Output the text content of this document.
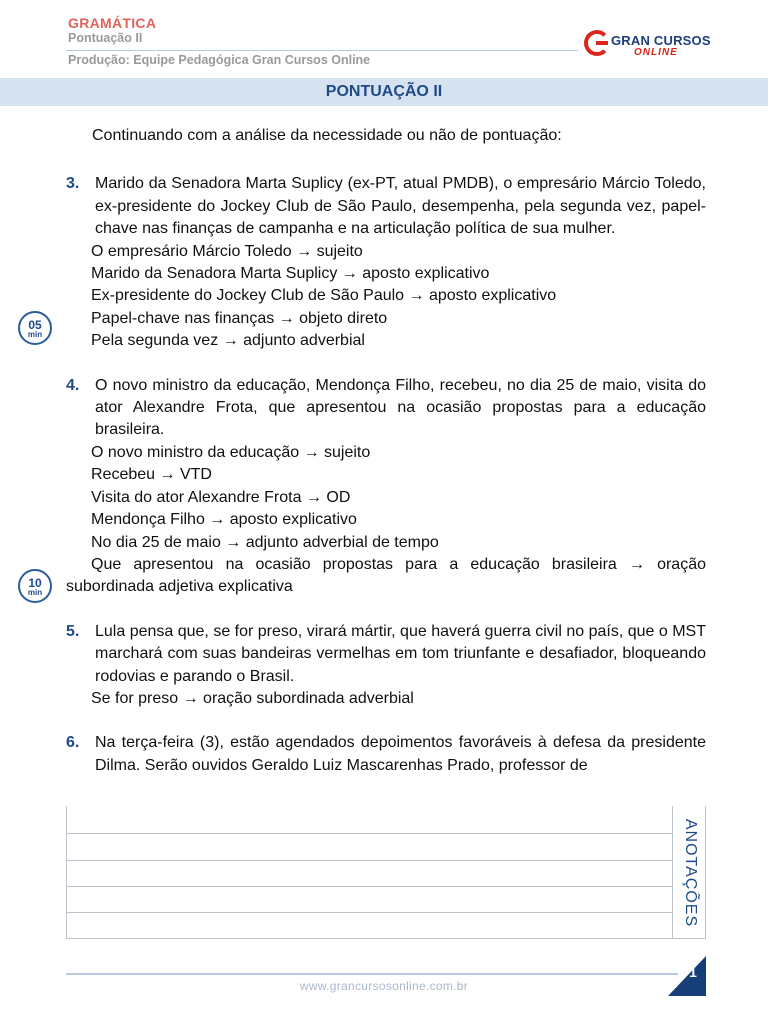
GRAMÁTICA
Pontuação II
Produção: Equipe Pedagógica Gran Cursos Online
GRAN CURSOS
ONLINE
PONTUAÇÃO II
05
min
10
min

Continuando com a análise da necessidade ou não de pontuação:

3. Marido da Senadora Marta Suplicy (ex-PT, atual PMDB), o empresário Márcio Toledo, ex-presidente do Jockey Club de São Paulo, desempenha, pela segunda vez, papel-chave nas finanças de campanha e na articulação política de sua mulher.

O empresário Márcio Toledo → sujeito

Marido da Senadora Marta Suplicy → aposto explicativo

Ex-presidente do Jockey Club de São Paulo → aposto explicativo

Papel-chave nas finanças → objeto direto

Pela segunda vez → adjunto adverbial

4. O novo ministro da educação, Mendonça Filho, recebeu, no dia 25 de maio, visita do ator Alexandre Frota, que apresentou na ocasião propostas para a educação brasileira.

O novo ministro da educação → sujeito

Recebeu → VTD

Visita do ator Alexandre Frota → OD

Mendonça Filho → aposto explicativo

No dia 25 de maio → adjunto adverbial de tempo

Que apresentou na ocasião propostas para a educação brasileira → oração subordinada adjetiva explicativa

5. Lula pensa que, se for preso, virará mártir, que haverá guerra civil no país, que o MST marchará com suas bandeiras vermelhas em tom triunfante e desafiador, bloqueando rodovias e parando o Brasil.

Se for preso → oração subordinada adverbial

6. Na terça-feira (3), estão agendados depoimentos favoráveis à defesa da presidente Dilma. Serão ouvidos Geraldo Luiz Mascarenhas Prado, professor de
ANOTAÇÕES
www.grancursosonline.com.br
1
